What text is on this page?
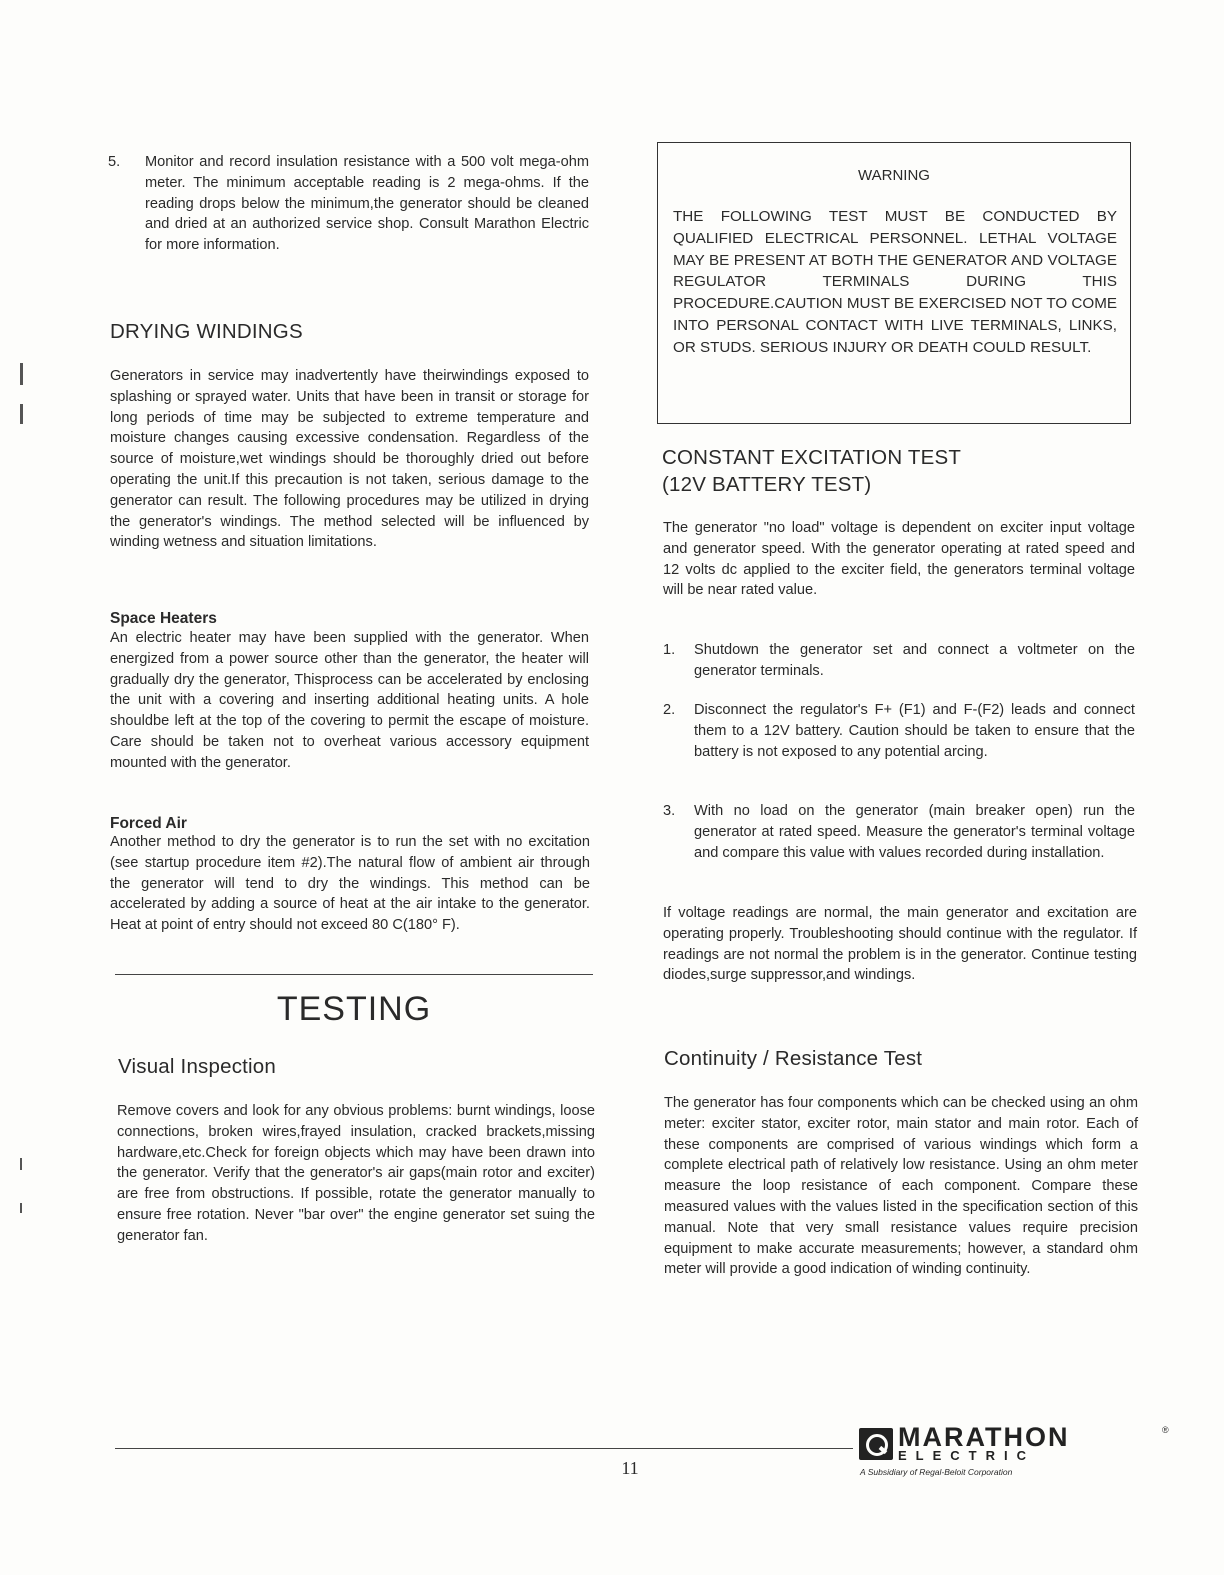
5. Monitor and record insulation resistance with a 500 volt mega-ohm meter. The minimum acceptable reading is 2 mega-ohms. If the reading drops below the minimum,the generator should be cleaned and dried at an authorized service shop. Consult Marathon Electric for more information.
DRYING WINDINGS

Generators in service may inadvertently have theirwindings exposed to splashing or sprayed water. Units that have been in transit or storage for long periods of time may be subjected to extreme temperature and moisture changes causing excessive condensation. Regardless of the source of moisture,wet windings should be thoroughly dried out before operating the unit.If this precaution is not taken, serious damage to the generator can result. The following procedures may be utilized in drying the generator's windings. The method selected will be influenced by winding wetness and situation limitations.

Space Heaters

An electric heater may have been supplied with the generator. When energized from a power source other than the generator, the heater will gradually dry the generator, Thisprocess can be accelerated by enclosing the unit with a covering and inserting additional heating units. A hole shouldbe left at the top of the covering to permit the escape of moisture. Care should be taken not to overheat various accessory equipment mounted with the generator.

Forced Air

Another method to dry the generator is to run the set with no excitation (see startup procedure item #2).The natural flow of ambient air through the generator will tend to dry the windings. This method can be accelerated by adding a source of heat at the air intake to the generator. Heat at point of entry should not exceed 80 C(180° F).

TESTING
Visual Inspection

Remove covers and look for any obvious problems: burnt windings, loose connections, broken wires,frayed insulation, cracked brackets,missing hardware,etc.Check for foreign objects which may have been drawn into the generator. Verify that the generator's air gaps(main rotor and exciter) are free from obstructions. If possible, rotate the generator manually to ensure free rotation. Never "bar over" the engine generator set suing the generator fan.

WARNING
THE FOLLOWING TEST MUST BE CONDUCTED BY QUALIFIED ELECTRICAL PERSONNEL. LETHAL VOLTAGE MAY BE PRESENT AT BOTH THE GENERATOR AND VOLTAGE REGULATOR TERMINALS DURING THIS PROCEDURE.CAUTION MUST BE EXERCISED NOT TO COME INTO PERSONAL CONTACT WITH LIVE TERMINALS, LINKS, OR STUDS. SERIOUS INJURY OR DEATH COULD RESULT.
CONSTANT EXCITATION TEST
(12V BATTERY TEST)

The generator "no load" voltage is dependent on exciter input voltage and generator speed. With the generator operating at rated speed and 12 volts dc applied to the exciter field, the generators terminal voltage will be near rated value.

1. Shutdown the generator set and connect a voltmeter on the generator terminals.
2. Disconnect the regulator's F+ (F1) and F-(F2) leads and connect them to a 12V battery. Caution should be taken to ensure that the battery is not exposed to any potential arcing.
3. With no load on the generator (main breaker open) run the generator at rated speed. Measure the generator's terminal voltage and compare this value with values recorded during installation.

If voltage readings are normal, the main generator and excitation are operating properly. Troubleshooting should continue with the regulator. If readings are not normal the problem is in the generator. Continue testing diodes,surge suppressor,and windings.

Continuity / Resistance Test

The generator has four components which can be checked using an ohm meter: exciter stator, exciter rotor, main stator and main rotor. Each of these components are comprised of various windings which form a complete electrical path of relatively low resistance. Using an ohm meter measure the loop resistance of each component. Compare these measured values with the values listed in the specification section of this manual. Note that very small resistance values require precision equipment to make accurate measurements; however, a standard ohm meter will provide a good indication of winding continuity.

11
MARATHON	®
ELECTRIC
A Subsidiary of Regal-Beloit Corporation
